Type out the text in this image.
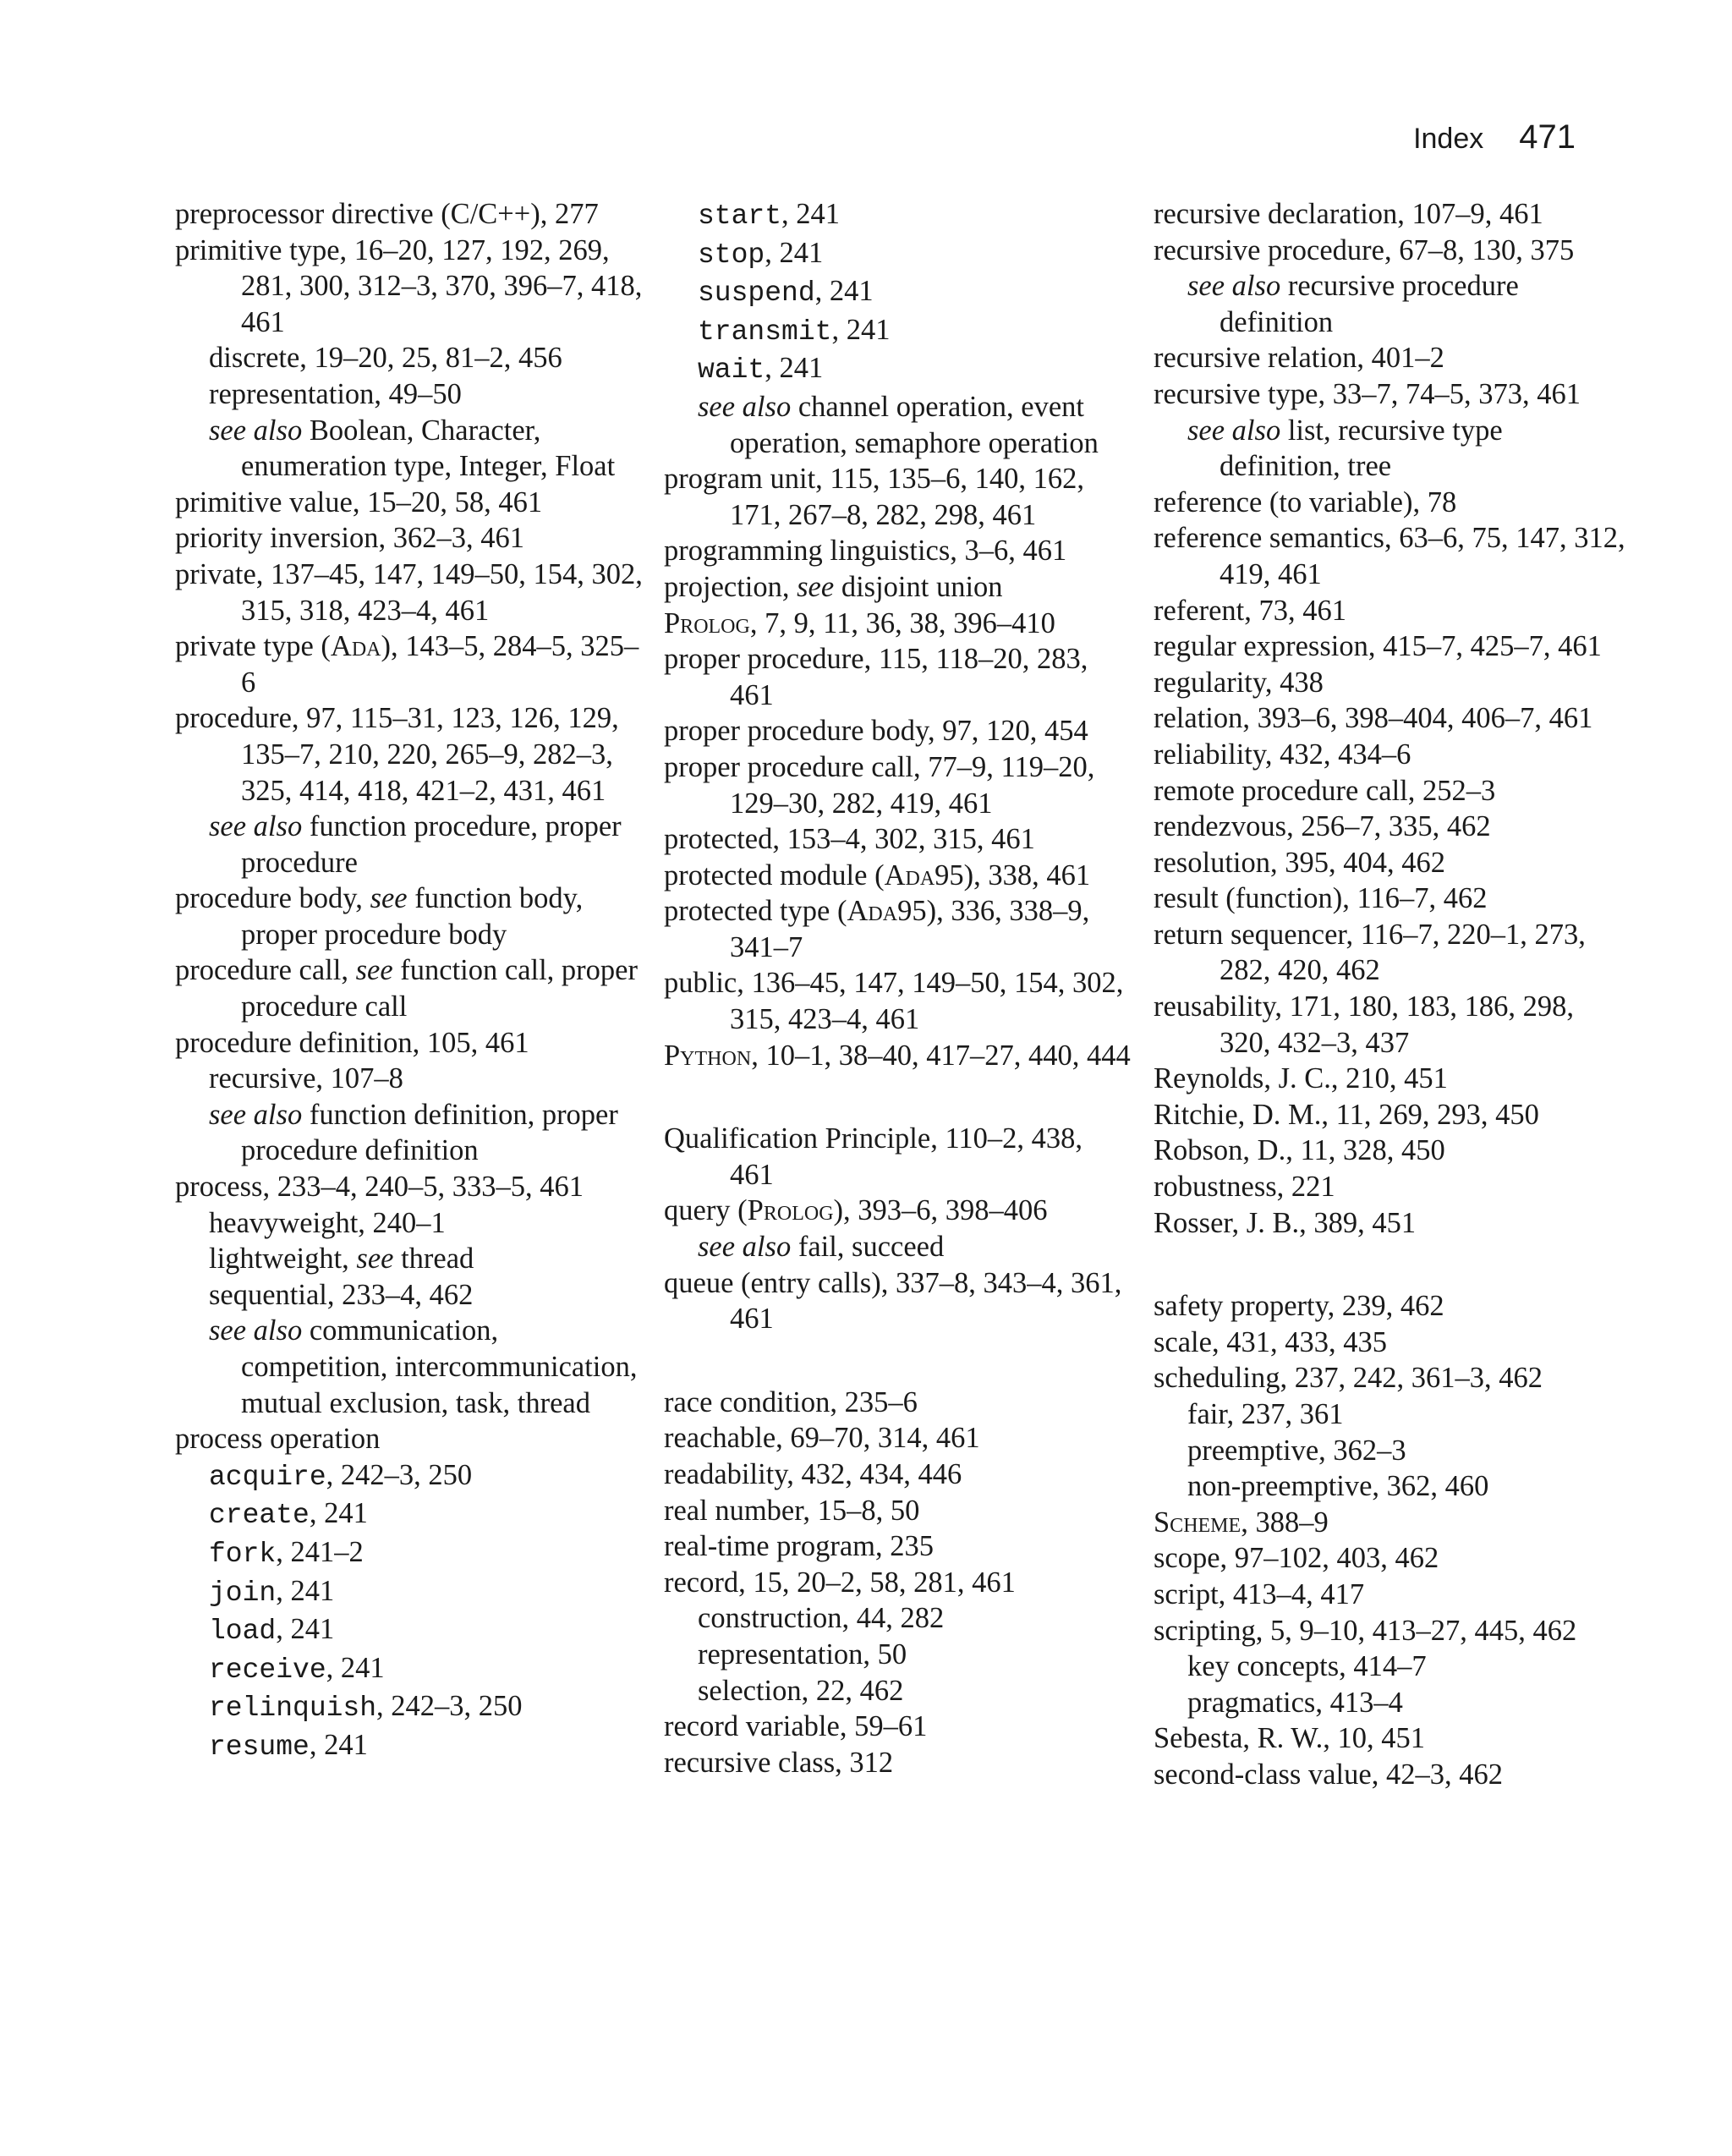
Index 471

preprocessor directive (C/C++), 277

primitive type, 16–20, 127, 192, 269, 281, 300, 312–3, 370, 396–7, 418, 461

discrete, 19–20, 25, 81–2, 456

representation, 49–50

see also Boolean, Character, enumeration type, Integer, Float

primitive value, 15–20, 58, 461

priority inversion, 362–3, 461

private, 137–45, 147, 149–50, 154, 302, 315, 318, 423–4, 461

private type (Ada), 143–5, 284–5, 325–6

procedure, 97, 115–31, 123, 126, 129, 135–7, 210, 220, 265–9, 282–3, 325, 414, 418, 421–2, 431, 461

see also function procedure, proper procedure

procedure body, see function body, proper procedure body

procedure call, see function call, proper procedure call

procedure definition, 105, 461

recursive, 107–8

see also function definition, proper procedure definition

process, 233–4, 240–5, 333–5, 461

heavyweight, 240–1

lightweight, see thread

sequential, 233–4, 462

see also communication, competition, intercommunication, mutual exclusion, task, thread

process operation

acquire, 242–3, 250

create, 241

fork, 241–2

join, 241

load, 241

receive, 241

relinquish, 242–3, 250

resume, 241

start, 241

stop, 241

suspend, 241

transmit, 241

wait, 241

see also channel operation, event operation, semaphore operation

program unit, 115, 135–6, 140, 162, 171, 267–8, 282, 298, 461

programming linguistics, 3–6, 461

projection, see disjoint union

Prolog, 7, 9, 11, 36, 38, 396–410

proper procedure, 115, 118–20, 283, 461

proper procedure body, 97, 120, 454

proper procedure call, 77–9, 119–20, 129–30, 282, 419, 461

protected, 153–4, 302, 315, 461

protected module (Ada95), 338, 461

protected type (Ada95), 336, 338–9, 341–7

public, 136–45, 147, 149–50, 154, 302, 315, 423–4, 461

Python, 10–1, 38–40, 417–27, 440, 444

Qualification Principle, 110–2, 438, 461

query (Prolog), 393–6, 398–406

see also fail, succeed

queue (entry calls), 337–8, 343–4, 361, 461

race condition, 235–6

reachable, 69–70, 314, 461

readability, 432, 434, 446

real number, 15–8, 50

real-time program, 235

record, 15, 20–2, 58, 281, 461

construction, 44, 282

representation, 50

selection, 22, 462

record variable, 59–61

recursive class, 312

recursive declaration, 107–9, 461

recursive procedure, 67–8, 130, 375

see also recursive procedure definition

recursive relation, 401–2

recursive type, 33–7, 74–5, 373, 461

see also list, recursive type definition, tree

reference (to variable), 78

reference semantics, 63–6, 75, 147, 312, 419, 461

referent, 73, 461

regular expression, 415–7, 425–7, 461

regularity, 438

relation, 393–6, 398–404, 406–7, 461

reliability, 432, 434–6

remote procedure call, 252–3

rendezvous, 256–7, 335, 462

resolution, 395, 404, 462

result (function), 116–7, 462

return sequencer, 116–7, 220–1, 273, 282, 420, 462

reusability, 171, 180, 183, 186, 298, 320, 432–3, 437

Reynolds, J. C., 210, 451

Ritchie, D. M., 11, 269, 293, 450

Robson, D., 11, 328, 450

robustness, 221

Rosser, J. B., 389, 451

safety property, 239, 462

scale, 431, 433, 435

scheduling, 237, 242, 361–3, 462

fair, 237, 361

preemptive, 362–3

non-preemptive, 362, 460

Scheme, 388–9

scope, 97–102, 403, 462

script, 413–4, 417

scripting, 5, 9–10, 413–27, 445, 462

key concepts, 414–7

pragmatics, 413–4

Sebesta, R. W., 10, 451

second-class value, 42–3, 462
